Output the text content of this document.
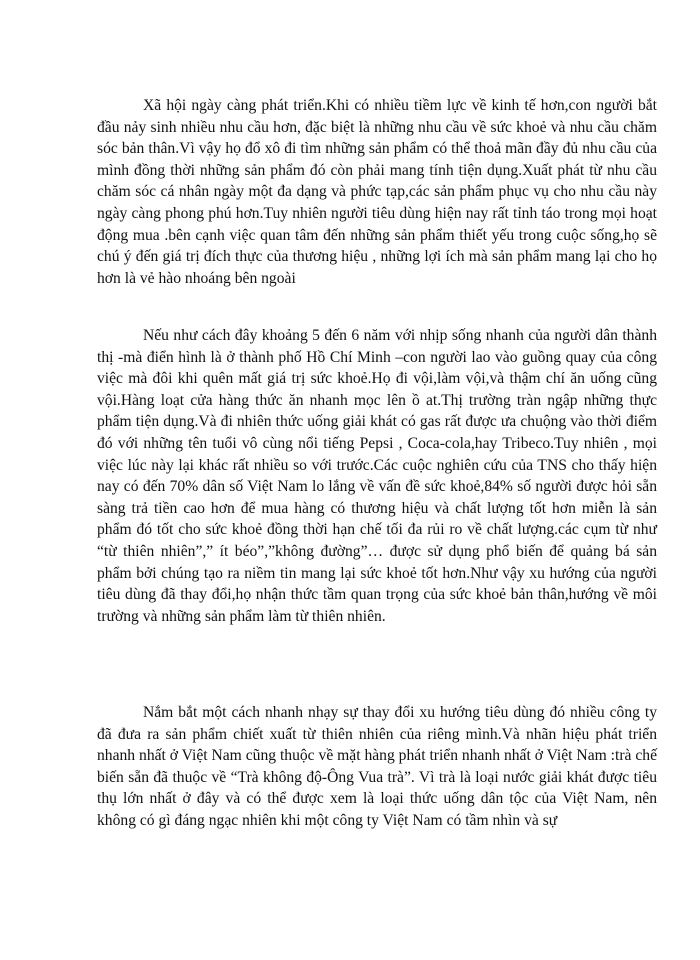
Xã hội ngày càng phát triển.Khi có nhiều tiềm lực về kinh tế hơn,con người bắt đầu nảy sinh nhiều nhu cầu hơn, đặc biệt là những nhu cầu về sức khoẻ và nhu cầu chăm sóc bản thân.Vì vậy họ đổ xô đi tìm những sản phẩm có thể thoả mãn đầy đủ nhu cầu của mình đồng thời những sản phẩm đó còn phải mang tính tiện dụng.Xuất phát từ nhu cầu chăm sóc cá nhân ngày một đa dạng và phức tạp,các sản phẩm phục vụ cho nhu cầu này ngày càng phong phú hơn.Tuy nhiên người tiêu dùng hiện nay rất tỉnh táo trong mọi hoạt động mua .bên cạnh việc quan tâm đến những sản phẩm thiết yếu trong cuộc sống,họ sẽ chú ý đến giá trị đích thực của thương hiệu , những lợi ích mà sản phẩm mang lại cho họ hơn là vẻ hào nhoáng bên ngoài

Nếu như cách đây khoảng 5 đến 6 năm với nhịp sống nhanh của người dân thành thị -mà điển hình là ở thành phố Hồ Chí Minh –con người lao vào guồng quay của công việc mà đôi khi quên mất giá trị sức khoẻ.Họ đi vội,làm vội,và thậm chí ăn uống cũng vội.Hàng loạt cửa hàng thức ăn nhanh mọc lên ồ at.Thị trường tràn ngập những thực phẩm tiện dụng.Và đi nhiên thức uống giải khát có gas rất được ưa chuộng vào thời điểm đó với những tên tuổi vô cùng nổi tiếng Pepsi , Coca-cola,hay Tribeco.Tuy nhiên , mọi việc lúc này lại khác rất nhiều so với trước.Các cuộc nghiên cứu của TNS cho thấy hiện nay có đến 70% dân số Việt Nam lo lắng về vấn đề sức khoẻ,84% số người được hỏi sẵn sàng trả tiền cao hơn để mua hàng có thương hiệu và chất lượng tốt hơn miễn là sản phẩm đó tốt cho sức khoẻ đồng thời hạn chế tối đa rủi ro về chất lượng.các cụm từ như “từ thiên nhiên”,” ít béo”,”không đường”… được sử dụng phổ biến để quảng bá sản phẩm bởi chúng tạo ra niềm tin mang lại sức khoẻ tốt hơn.Như vậy xu hướng của người tiêu dùng đã thay đổi,họ nhận thức tầm quan trọng của sức khoẻ bản thân,hướng về môi trường và những sản phẩm làm từ thiên nhiên.

Nắm bắt một cách nhanh nhạy sự thay đổi xu hướng tiêu dùng đó nhiều công ty đã đưa ra sản phẩm chiết xuất từ thiên nhiên của riêng mình.Và nhãn hiệu phát triển nhanh nhất ở Việt Nam cũng thuộc về mặt hàng phát triển nhanh nhất ở Việt Nam :trà chế biến sẵn đã thuộc về “Trà không độ-Ông Vua trà”. Vì trà là loại nước giải khát được tiêu thụ lớn nhất ở đây và có thể được xem là loại thức uống dân tộc của Việt Nam, nên không có gì đáng ngạc nhiên khi một công ty Việt Nam có tầm nhìn và sự
